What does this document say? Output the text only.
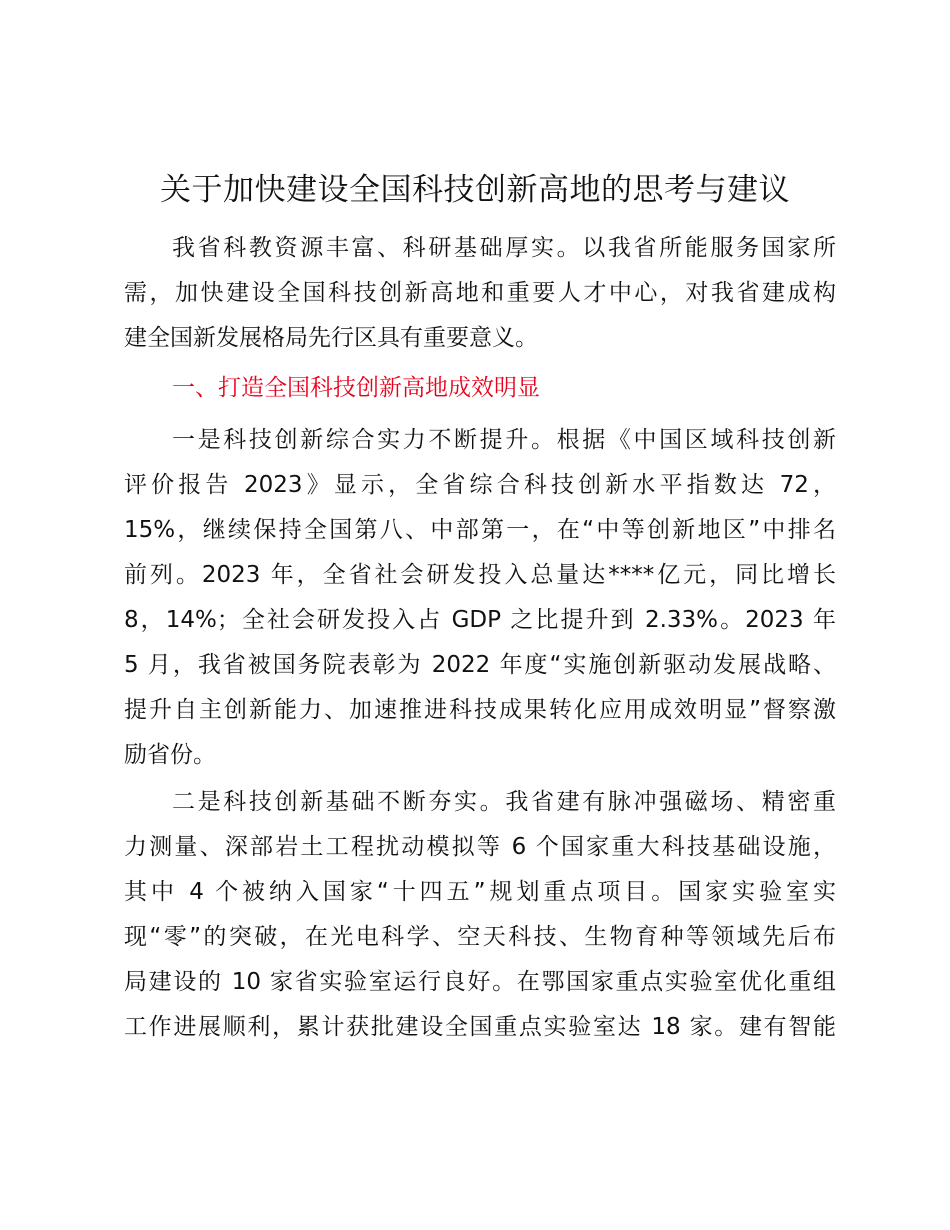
关于加快建设全国科技创新高地的思考与建议
我省科教资源丰富、科研基础厚实。以我省所能服务国家所
需，加快建设全国科技创新高地和重要人才中心，对我省建成构
建全国新发展格局先行区具有重要意义。
一、打造全国科技创新高地成效明显
一是科技创新综合实力不断提升。根据《中国区域科技创新
评价报告 2023》显示，全省综合科技创新水平指数达 72，
15%，继续保持全国第八、中部第一，在“中等创新地区”中排名
前列。2023 年，全省社会研发投入总量达****亿元，同比增长
8，14%；全社会研发投入占 GDP 之比提升到 2.33%。2023 年
5 月，我省被国务院表彰为 2022 年度“实施创新驱动发展战略、
提升自主创新能力、加速推进科技成果转化应用成效明显”督察激
励省份。
二是科技创新基础不断夯实。我省建有脉冲强磁场、精密重
力测量、深部岩土工程扰动模拟等 6 个国家重大科技基础设施，
其中 4 个被纳入国家“十四五”规划重点项目。国家实验室实
现“零”的突破，在光电科学、空天科技、生物育种等领域先后布
局建设的 10 家省实验室运行良好。在鄂国家重点实验室优化重组
工作进展顺利，累计获批建设全国重点实验室达 18 家。建有智能
